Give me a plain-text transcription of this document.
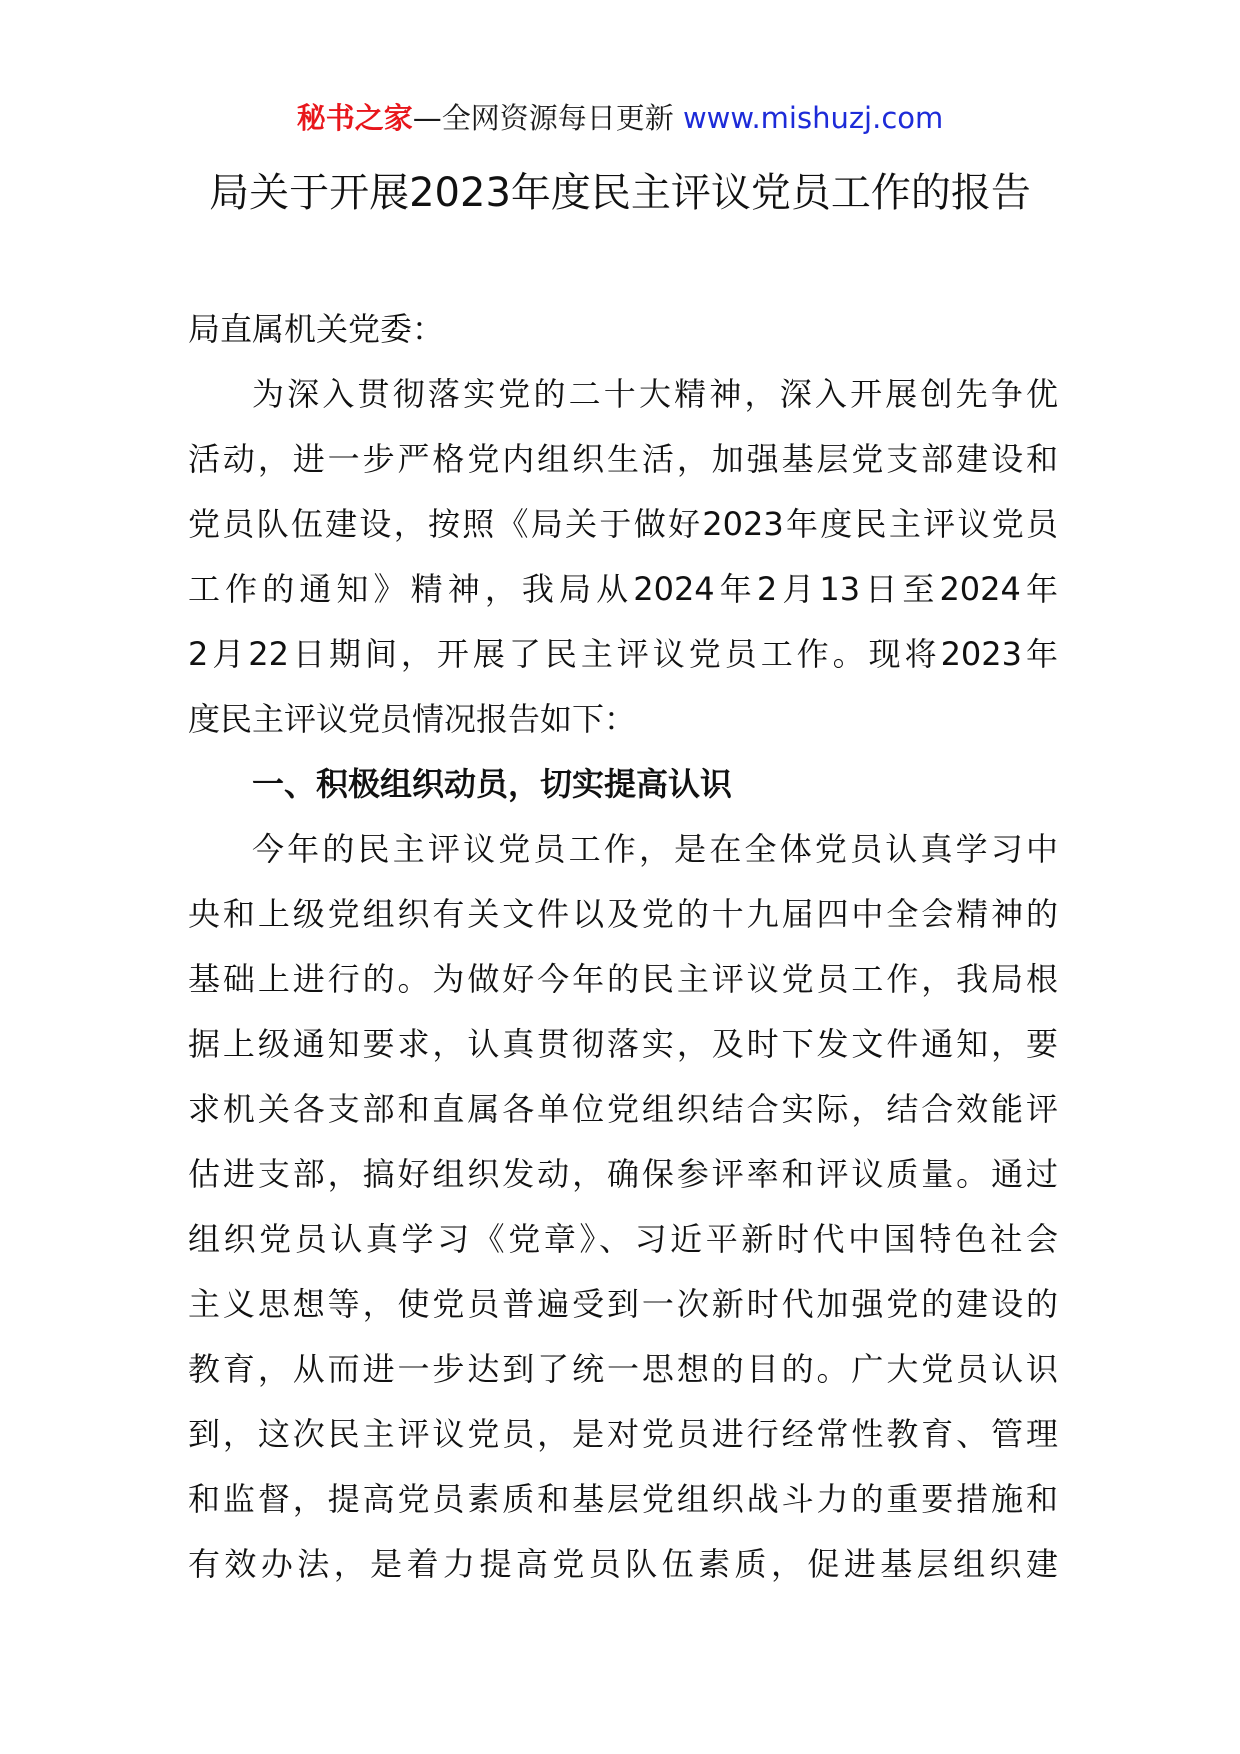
秘书之家—全网资源每日更新 www.mishuzj.com
局关于开展2023年度民主评议党员工作的报告
局直属机关党委：
为深入贯彻落实党的二十大精神，深入开展创先争优
活动，进一步严格党内组织生活，加强基层党支部建设和
党员队伍建设，按照《局关于做好2023年度民主评议党员
工作的通知》精神，我局从2024年2月13日至2024年
2月22日期间，开展了民主评议党员工作。现将2023年
度民主评议党员情况报告如下：
一、积极组织动员，切实提高认识
今年的民主评议党员工作，是在全体党员认真学习中
央和上级党组织有关文件以及党的十九届四中全会精神的
基础上进行的。为做好今年的民主评议党员工作，我局根
据上级通知要求，认真贯彻落实，及时下发文件通知，要
求机关各支部和直属各单位党组织结合实际，结合效能评
估进支部，搞好组织发动，确保参评率和评议质量。通过
组织党员认真学习《党章》、习近平新时代中国特色社会
主义思想等，使党员普遍受到一次新时代加强党的建设的
教育，从而进一步达到了统一思想的目的。广大党员认识
到，这次民主评议党员，是对党员进行经常性教育、管理
和监督，提高党员素质和基层党组织战斗力的重要措施和
有效办法，是着力提高党员队伍素质，促进基层组织建
